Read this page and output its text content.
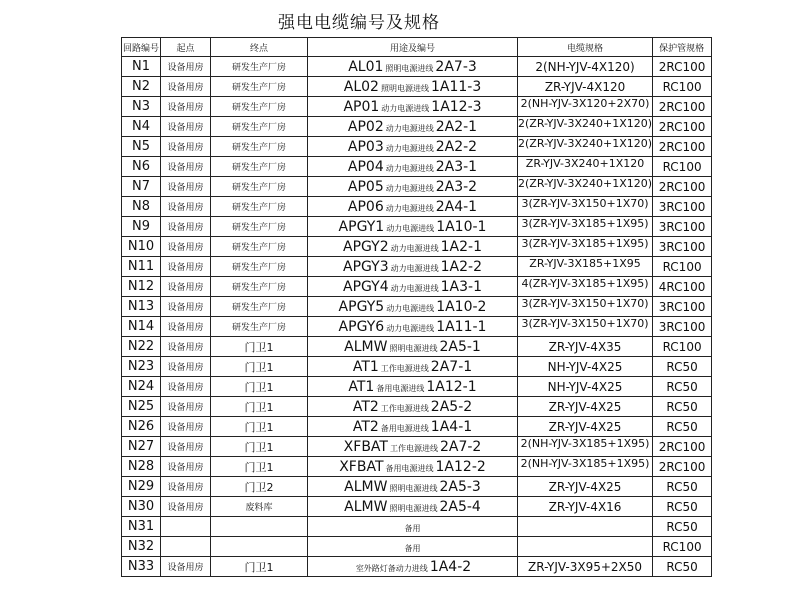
强电电缆编号及规格
回路编号	起点	终点	用途及编号	电缆规格	保护管规格
N1	设备用房	研发生产厂房	AL01 照明电源进线 2A7-3	2(NH-YJV-4X120)	2RC100
N2	设备用房	研发生产厂房	AL02 照明电源进线 1A11-3	ZR-YJV-4X120	RC100
N3	设备用房	研发生产厂房	AP01 动力电源进线 1A12-3	2(NH-YJV-3X120+2X70)	2RC100
N4	设备用房	研发生产厂房	AP02 动力电源进线 2A2-1	2(ZR-YJV-3X240+1X120)	2RC100
N5	设备用房	研发生产厂房	AP03 动力电源进线 2A2-2	2(ZR-YJV-3X240+1X120)	2RC100
N6	设备用房	研发生产厂房	AP04 动力电源进线 2A3-1	ZR-YJV-3X240+1X120	RC100
N7	设备用房	研发生产厂房	AP05 动力电源进线 2A3-2	2(ZR-YJV-3X240+1X120)	2RC100
N8	设备用房	研发生产厂房	AP06 动力电源进线 2A4-1	3(ZR-YJV-3X150+1X70)	3RC100
N9	设备用房	研发生产厂房	APGY1 动力电源进线 1A10-1	3(ZR-YJV-3X185+1X95)	3RC100
N10	设备用房	研发生产厂房	APGY2 动力电源进线 1A2-1	3(ZR-YJV-3X185+1X95)	3RC100
N11	设备用房	研发生产厂房	APGY3 动力电源进线 1A2-2	ZR-YJV-3X185+1X95	RC100
N12	设备用房	研发生产厂房	APGY4 动力电源进线 1A3-1	4(ZR-YJV-3X185+1X95)	4RC100
N13	设备用房	研发生产厂房	APGY5 动力电源进线 1A10-2	3(ZR-YJV-3X150+1X70)	3RC100
N14	设备用房	研发生产厂房	APGY6 动力电源进线 1A11-1	3(ZR-YJV-3X150+1X70)	3RC100
N22	设备用房	门卫1	ALMW 照明电源进线 2A5-1	ZR-YJV-4X35	RC100
N23	设备用房	门卫1	AT1 工作电源进线 2A7-1	NH-YJV-4X25	RC50
N24	设备用房	门卫1	AT1 备用电源进线 1A12-1	NH-YJV-4X25	RC50
N25	设备用房	门卫1	AT2 工作电源进线 2A5-2	ZR-YJV-4X25	RC50
N26	设备用房	门卫1	AT2 备用电源进线 1A4-1	ZR-YJV-4X25	RC50
N27	设备用房	门卫1	XFBAT 工作电源进线 2A7-2	2(NH-YJV-3X185+1X95)	2RC100
N28	设备用房	门卫1	XFBAT 备用电源进线 1A12-2	2(NH-YJV-3X185+1X95)	2RC100
N29	设备用房	门卫2	ALMW 照明电源进线 2A5-3	ZR-YJV-4X25	RC50
N30	设备用房	废料库	ALMW 照明电源进线 2A5-4	ZR-YJV-4X16	RC50
N31			备用		RC50
N32			备用		RC100
N33	设备用房	门卫1	室外路灯备动力进线 1A4-2	ZR-YJV-3X95+2X50	RC50
